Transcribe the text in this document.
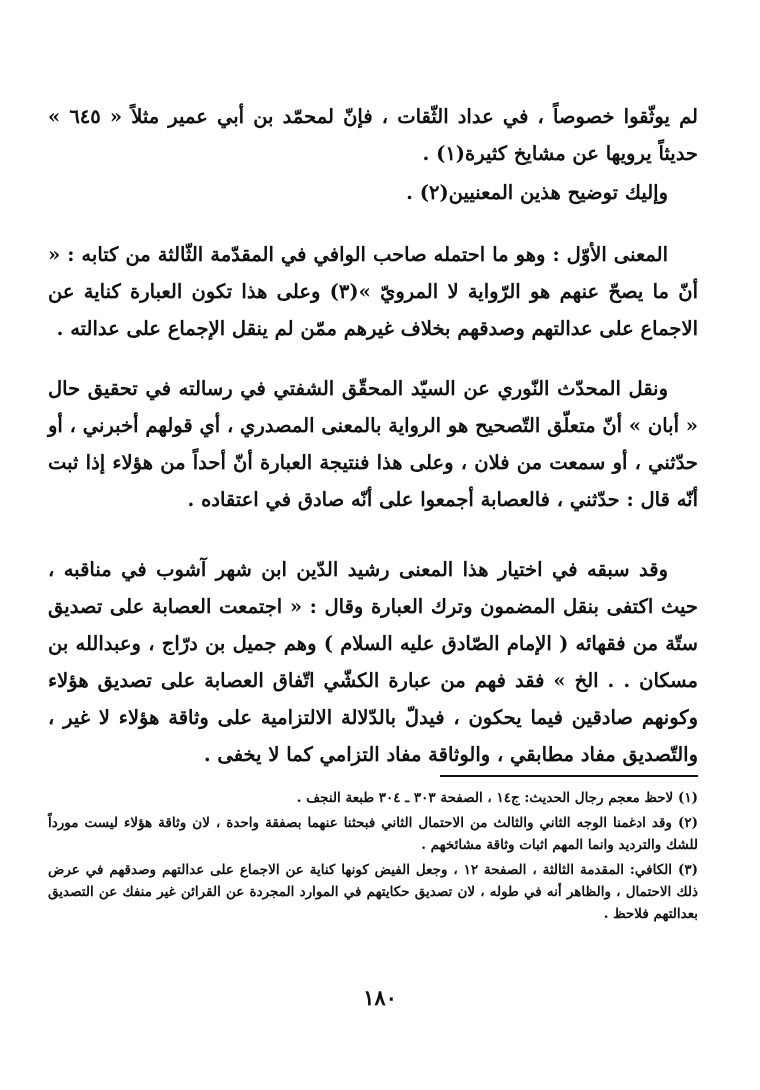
لم يوثّقوا خصوصاً ، في عداد الثّقات ، فإنّ لمحمّد بن أبي عمير مثلاً « ٦٤٥ » حديثاً يرويها عن مشايخ كثيرة(١) .

وإليك توضيح هذين المعنيين(٢) .

المعنى الأوّل : وهو ما احتمله صاحب الوافي في المقدّمة الثّالثة من كتابه : « أنّ ما يصحّ عنهم هو الرّواية لا المرويّ »(٣) وعلى هذا تكون العبارة كناية عن الاجماع على عدالتهم وصدقهم بخلاف غيرهم ممّن لم ينقل الإجماع على عدالته .

ونقل المحدّث النّوري عن السيّد المحقّق الشفتي في رسالته في تحقيق حال « أبان » أنّ متعلّق التّصحيح هو الرواية بالمعنى المصدري ، أي قولهم أخبرني ، أو حدّثني ، أو سمعت من فلان ، وعلى هذا فنتيجة العبارة أنّ أحداً من هؤلاء إذا ثبت أنّه قال : حدّثني ، فالعصابة أجمعوا على أنّه صادق في اعتقاده .

وقد سبقه في اختيار هذا المعنى رشيد الدّين ابن شهر آشوب في مناقبه ، حيث اكتفى بنقل المضمون وترك العبارة وقال : « اجتمعت العصابة على تصديق ستّة من فقهائه ( الإمام الصّادق عليه السلام ) وهم جميل بن درّاج ، وعبدالله بن مسكان . . الخ » فقد فهم من عبارة الكشّي اتّفاق العصابة على تصديق هؤلاء وكونهم صادقين فيما يحكون ، فيدلّ بالدّلالة الالتزامية على وثاقة هؤلاء لا غير ، والتّصديق مفاد مطابقي ، والوثاقة مفاد التزامي كما لا يخفى .

(١) لاحظ معجم رجال الحديث: ج١٤ ، الصفحة ٣٠٣ ـ ٣٠٤ طبعة النجف .

(٢) وقد ادغمنا الوجه الثاني والثالث من الاحتمال الثاني فبحثنا عنهما بصفقة واحدة ، لان وثاقة هؤلاء ليست مورداً للشك والترديد وانما المهم اثبات وثاقة مشائخهم .

(٣) الكافي: المقدمة الثالثة ، الصفحة ١٢ ، وجعل الفيض كونها كناية عن الاجماع على عدالتهم وصدقهم في عرض ذلك الاحتمال ، والظاهر أنه في طوله ، لان تصديق حكايتهم في الموارد المجردة عن القرائن غير منفك عن التصديق بعدالتهم فلاحظ .

١٨٠
